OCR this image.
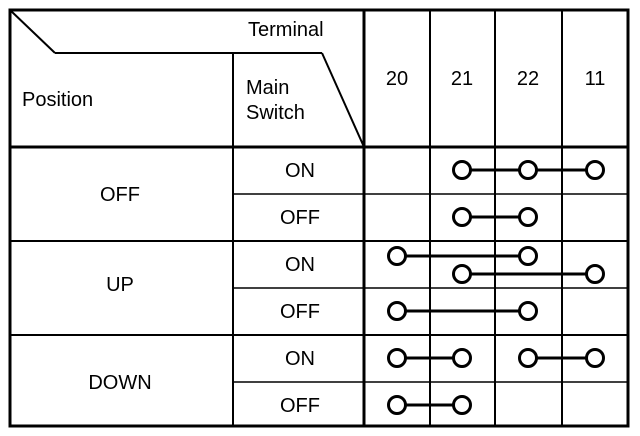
Terminal
Position
Main
Switch
20 21 22 11
OFF
UP
DOWN
ON
OFF
ON
OFF
ON
OFF
